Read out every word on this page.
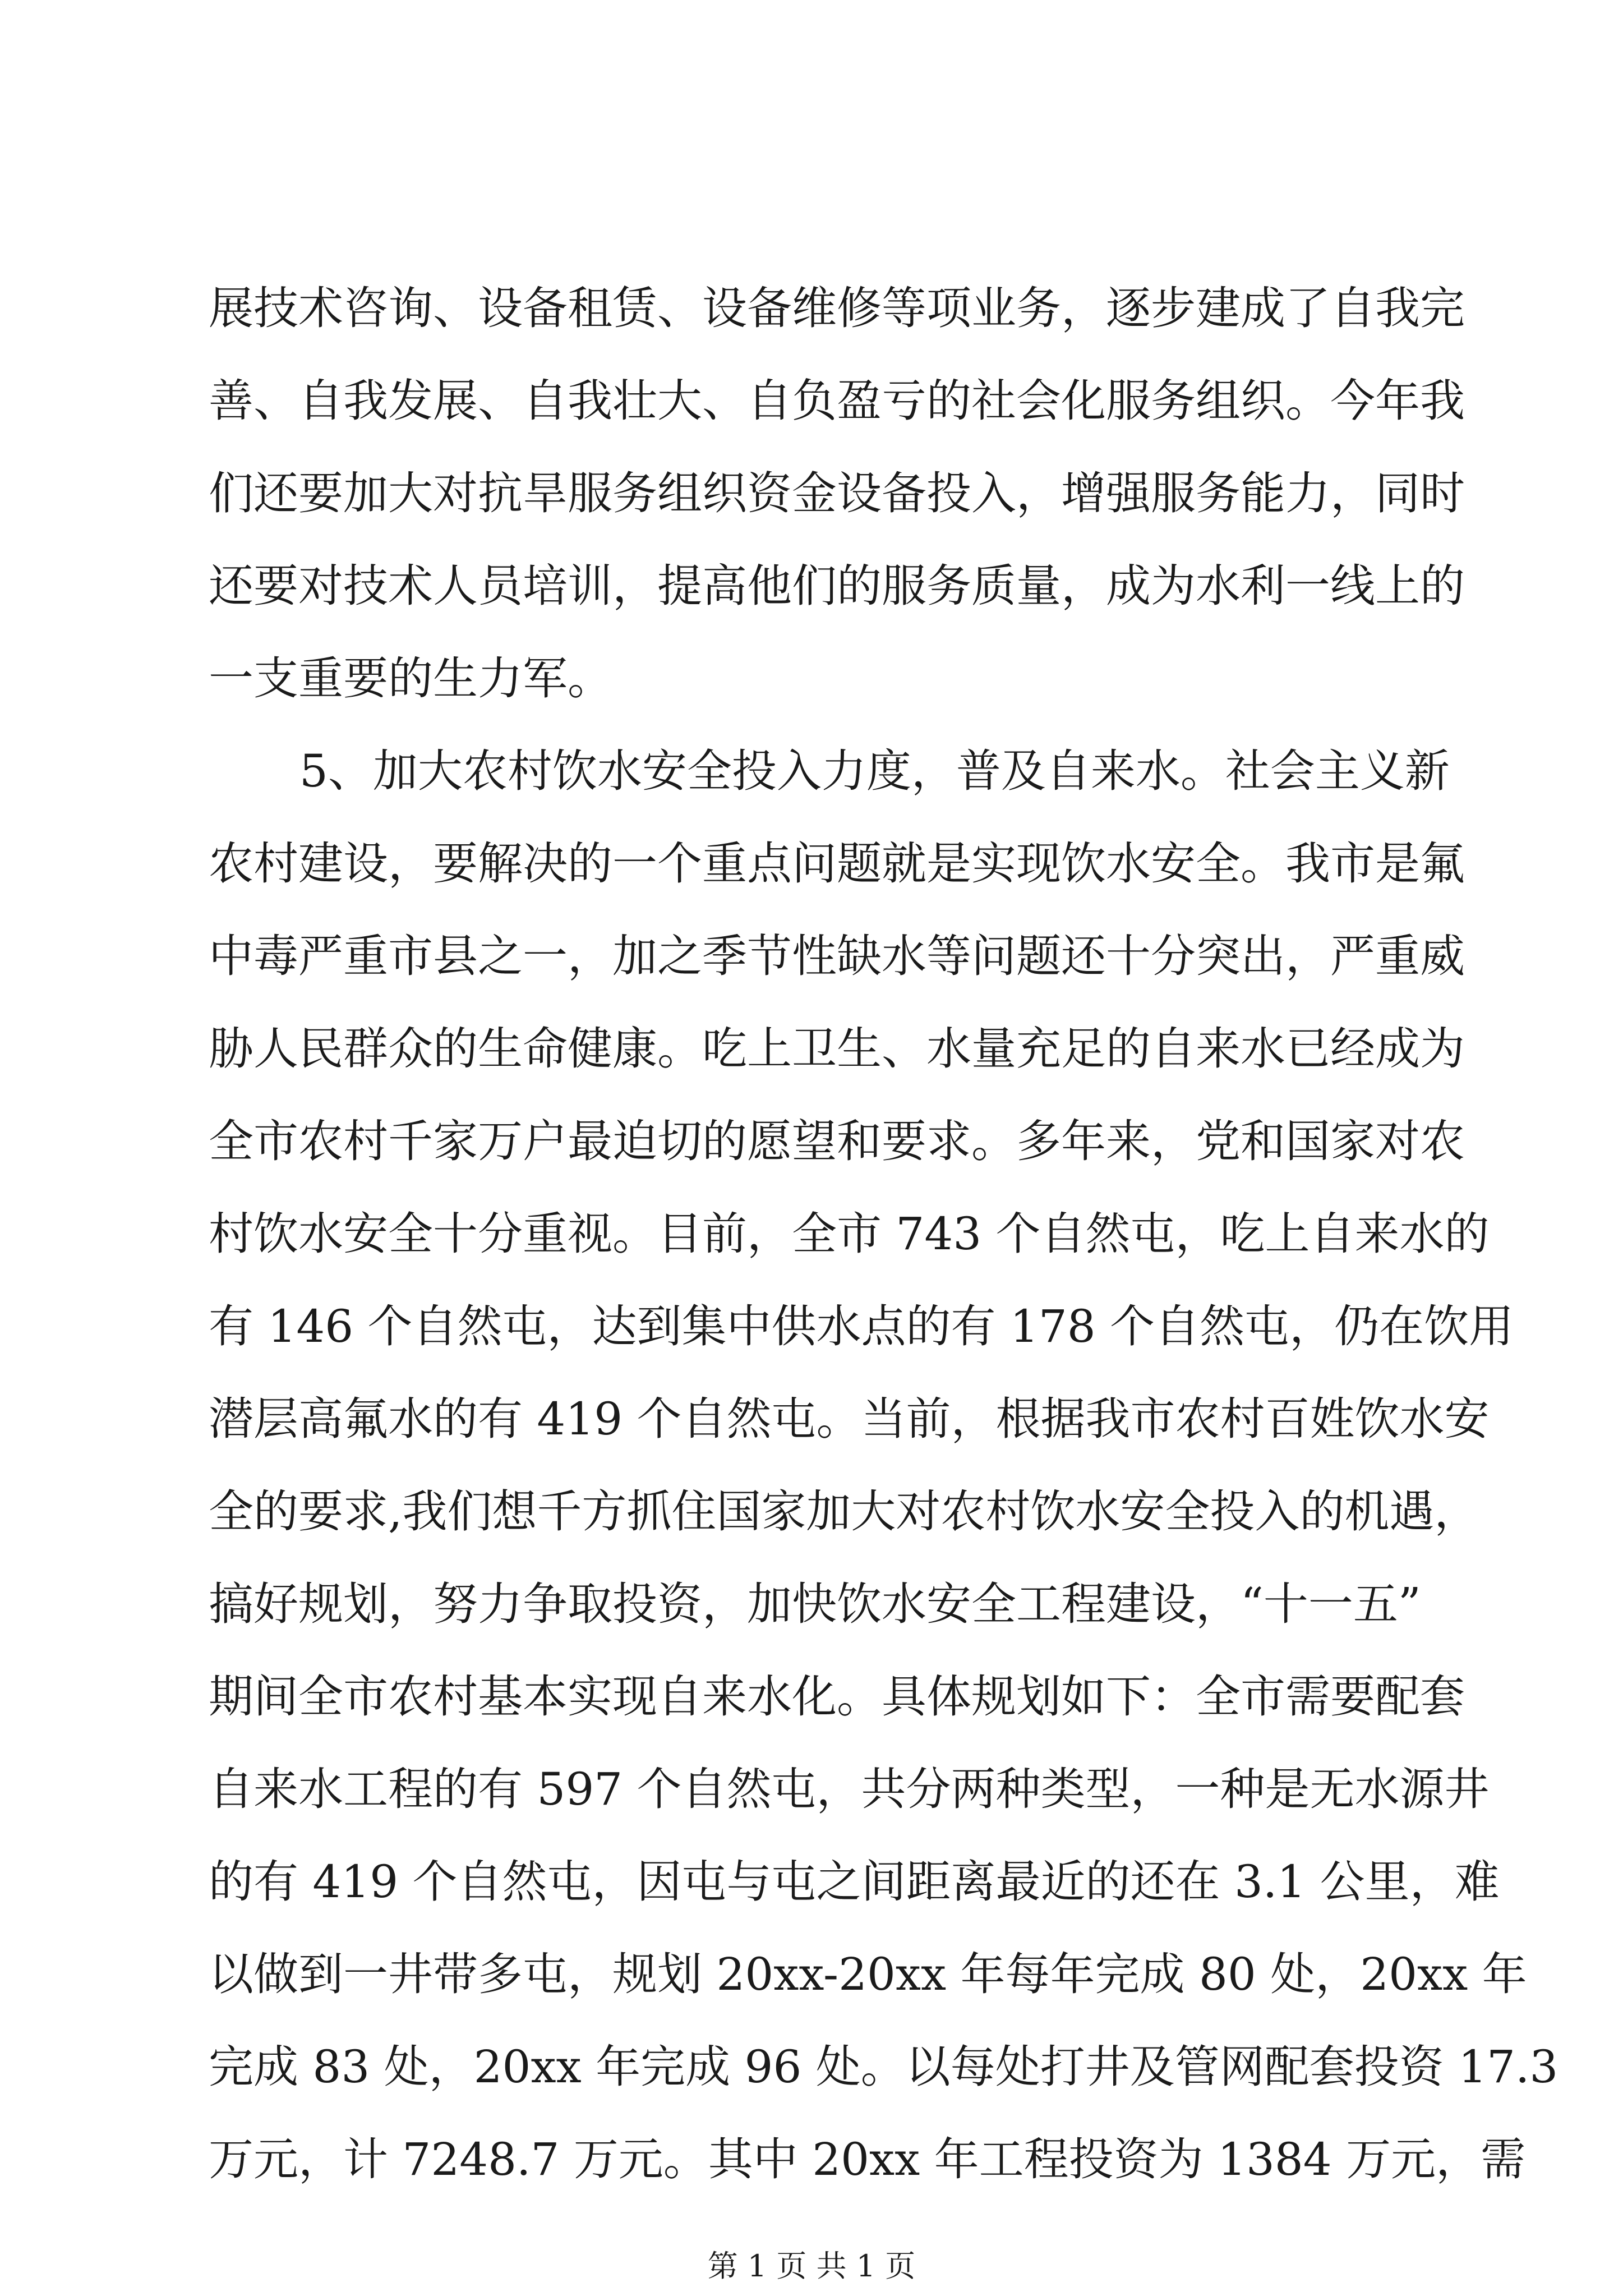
展技术咨询、设备租赁、设备维修等项业务，逐步建成了自我完
善、自我发展、自我壮大、自负盈亏的社会化服务组织。今年我
们还要加大对抗旱服务组织资金设备投入，增强服务能力，同时
还要对技术人员培训，提高他们的服务质量，成为水利一线上的
一支重要的生力军。
5、加大农村饮水安全投入力度，普及自来水。社会主义新
农村建设，要解决的一个重点问题就是实现饮水安全。我市是氟
中毒严重市县之一，加之季节性缺水等问题还十分突出，严重威
胁人民群众的生命健康。吃上卫生、水量充足的自来水已经成为
全市农村千家万户最迫切的愿望和要求。多年来，党和国家对农
村饮水安全十分重视。目前，全市 743 个自然屯，吃上自来水的
有 146 个自然屯，达到集中供水点的有 178 个自然屯，仍在饮用
潜层高氟水的有 419 个自然屯。当前，根据我市农村百姓饮水安
全的要求,我们想千方抓住国家加大对农村饮水安全投入的机遇，
搞好规划，努力争取投资，加快饮水安全工程建设，“十一五”
期间全市农村基本实现自来水化。具体规划如下：全市需要配套
自来水工程的有 597 个自然屯，共分两种类型，一种是无水源井
的有 419 个自然屯，因屯与屯之间距离最近的还在 3.1 公里，难
以做到一井带多屯，规划 20xx-20xx 年每年完成 80 处，20xx 年
完成 83 处，20xx 年完成 96 处。以每处打井及管网配套投资 17.3
万元，计 7248.7 万元。其中 20xx 年工程投资为 1384 万元，需
第 1 页 共 1 页
